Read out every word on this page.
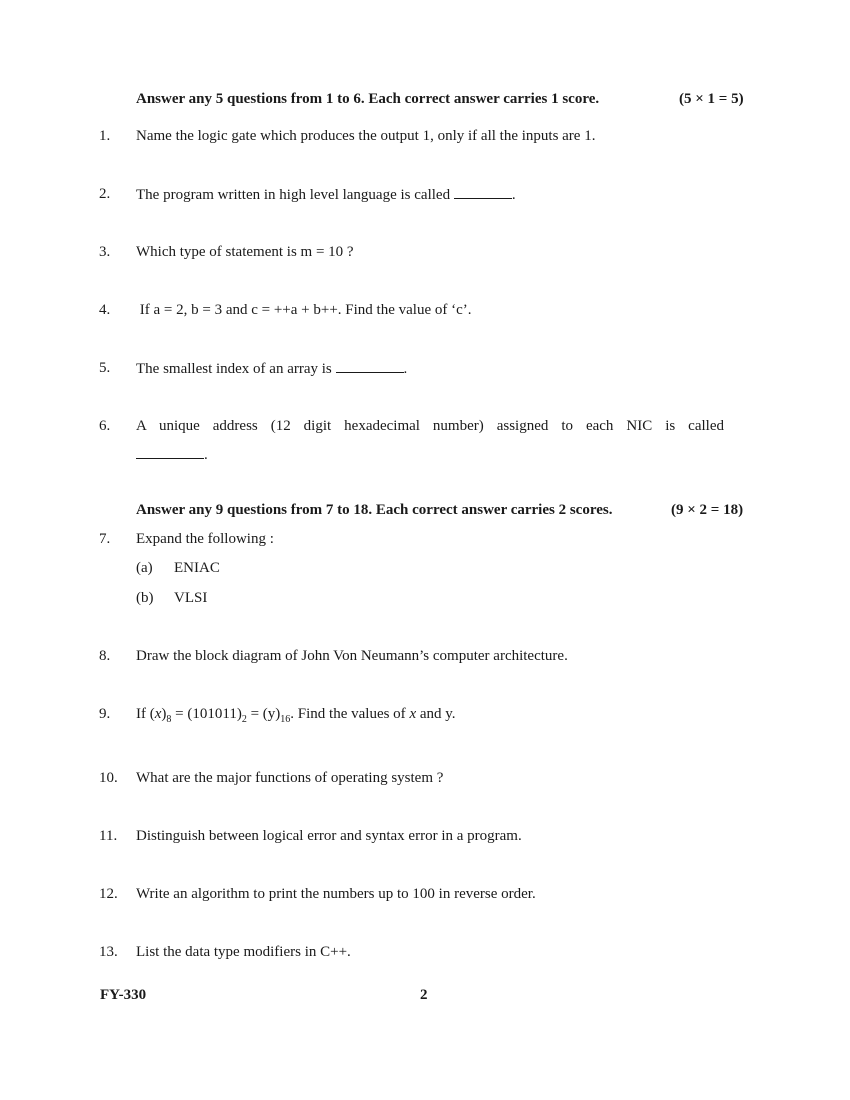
Answer any 5 questions from 1 to 6. Each correct answer carries 1 score.	(5 × 1 = 5)
1. Name the logic gate which produces the output 1, only if all the inputs are 1.
2. The program written in high level language is called	.
3. Which type of statement is m = 10 ?
4. If a = 2, b = 3 and c = ++a + b++. Find the value of ‘c’.
5. The smallest index of an array is	.
6. A unique address (12 digit hexadecimal number) assigned to each NIC is called
.
Answer any 9 questions from 7 to 18. Each correct answer carries 2 scores.	(9 × 2 = 18)
7. Expand the following :
(a) ENIAC
(b) VLSI
8. Draw the block diagram of John Von Neumann’s computer architecture.
9. If $(x)_8 = (101011)_2 = (y)_{16}$. Find the values of x and y.
10. What are the major functions of operating system ?
11. Distinguish between logical error and syntax error in a program.
12. Write an algorithm to print the numbers up to 100 in reverse order.
13. List the data type modifiers in C++.
FY-330	2
